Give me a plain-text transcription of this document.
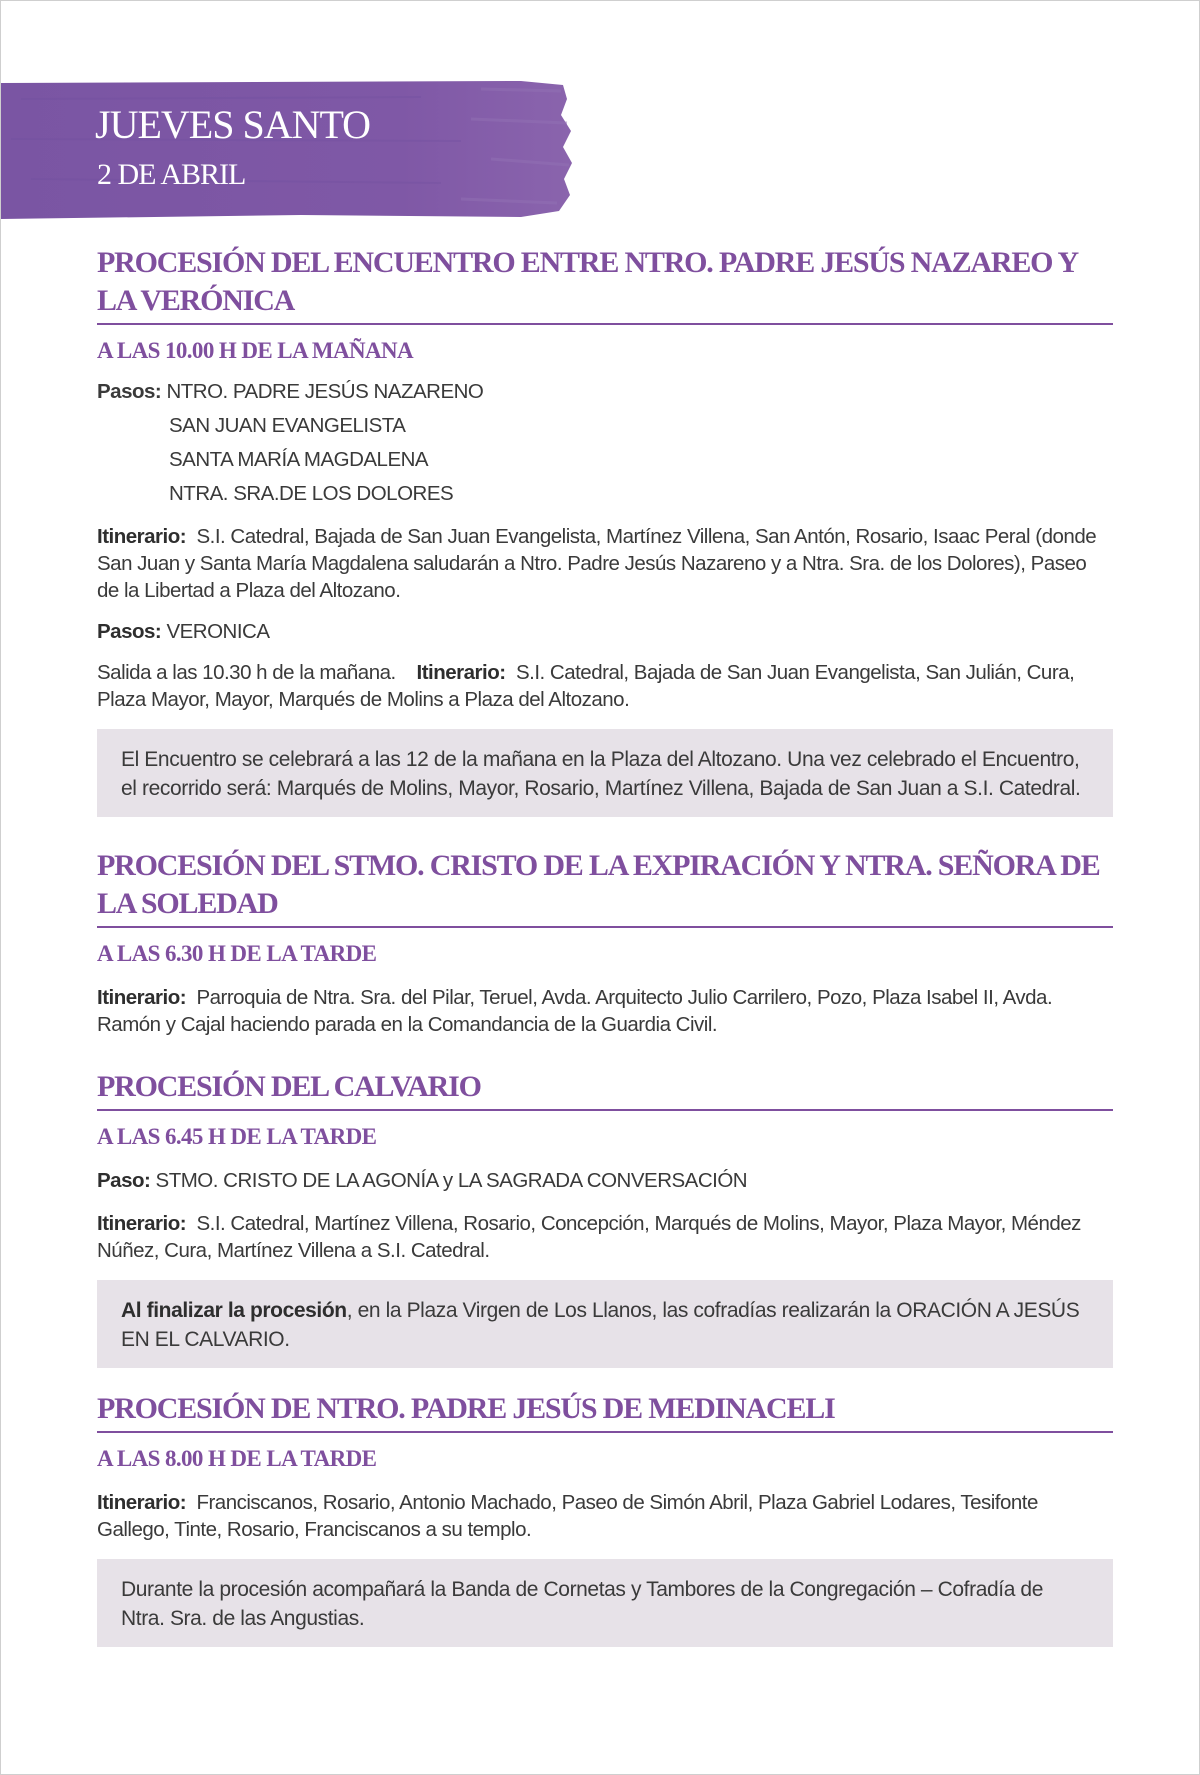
JUEVES SANTO
2 DE ABRIL
PROCESIÓN DEL ENCUENTRO ENTRE NTRO. PADRE JESÚS NAZAREO Y LA VERÓNICA
A LAS 10.00 H DE LA MAÑANA
Pasos: NTRO. PADRE JESÚS NAZARENO
SAN JUAN EVANGELISTA
SANTA MARÍA MAGDALENA
NTRA. SRA.DE LOS DOLORES
Itinerario: S.I. Catedral, Bajada de San Juan Evangelista, Martínez Villena, San Antón, Rosario, Isaac Peral (donde San Juan y Santa María Magdalena saludarán a Ntro. Padre Jesús Nazareno y a Ntra. Sra. de los Dolores), Paseo de la Libertad a Plaza del Altozano.
Pasos: VERONICA
Salida a las 10.30 h de la mañana. Itinerario: S.I. Catedral, Bajada de San Juan Evangelista, San Julián, Cura, Plaza Mayor, Mayor, Marqués de Molins a Plaza del Altozano.
El Encuentro se celebrará a las 12 de la mañana en la Plaza del Altozano. Una vez celebrado el Encuentro, el recorrido será: Marqués de Molins, Mayor, Rosario, Martínez Villena, Bajada de San Juan a S.I. Catedral.
PROCESIÓN DEL STMO. CRISTO DE LA EXPIRACIÓN Y NTRA. SEÑORA DE LA SOLEDAD
A LAS 6.30 H DE LA TARDE
Itinerario: Parroquia de Ntra. Sra. del Pilar, Teruel, Avda. Arquitecto Julio Carrilero, Pozo, Plaza Isabel II, Avda. Ramón y Cajal haciendo parada en la Comandancia de la Guardia Civil.
PROCESIÓN DEL CALVARIO
A LAS 6.45 H DE LA TARDE
Paso: STMO. CRISTO DE LA AGONÍA y LA SAGRADA CONVERSACIÓN
Itinerario: S.I. Catedral, Martínez Villena, Rosario, Concepción, Marqués de Molins, Mayor, Plaza Mayor, Méndez Núñez, Cura, Martínez Villena a S.I. Catedral.
Al finalizar la procesión, en la Plaza Virgen de Los Llanos, las cofradías realizarán la ORACIÓN A JESÚS EN EL CALVARIO.
PROCESIÓN DE NTRO. PADRE JESÚS DE MEDINACELI
A LAS 8.00 H DE LA TARDE
Itinerario: Franciscanos, Rosario, Antonio Machado, Paseo de Simón Abril, Plaza Gabriel Lodares, Tesifonte Gallego, Tinte, Rosario, Franciscanos a su templo.
Durante la procesión acompañará la Banda de Cornetas y Tambores de la Congregación – Cofradía de Ntra. Sra. de las Angustias.
